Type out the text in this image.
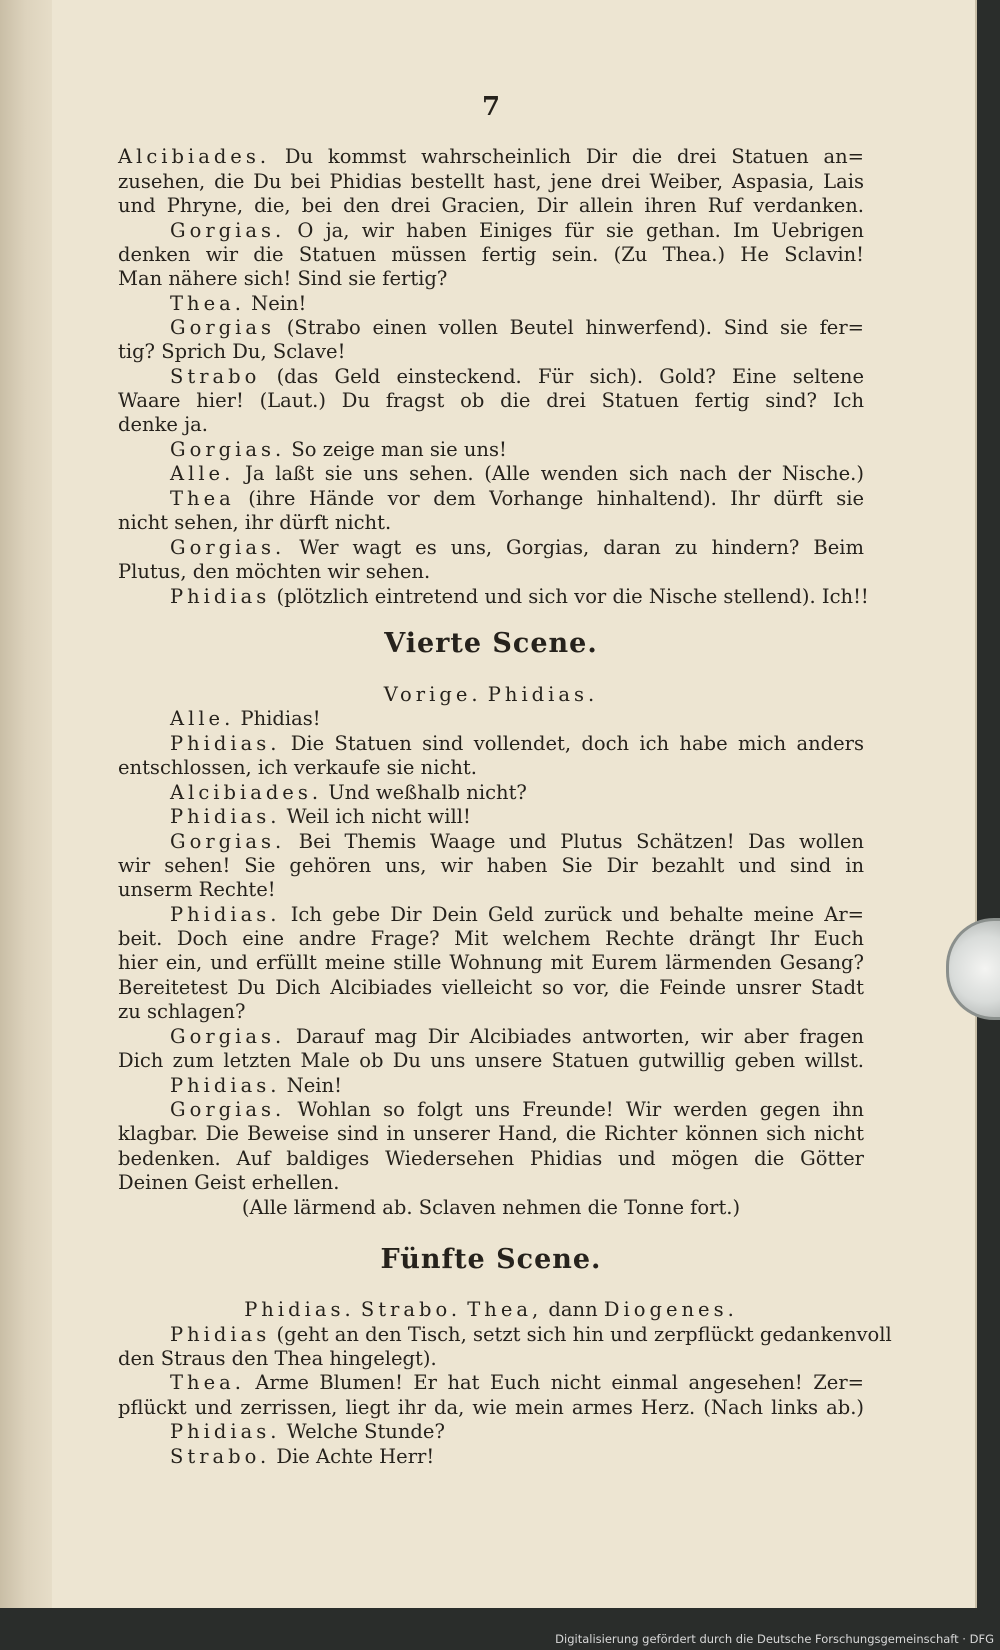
7
Alcibiades. Du kommst wahrscheinlich Dir die drei Statuen an=
zusehen, die Du bei Phidias bestellt hast, jene drei Weiber, Aspasia, Lais
und Phryne, die, bei den drei Gracien, Dir allein ihren Ruf verdanken.
Gorgias. O ja, wir haben Einiges für sie gethan. Im Uebrigen
denken wir die Statuen müssen fertig sein. (Zu Thea.) He Sclavin!
Man nähere sich! Sind sie fertig?
Thea. Nein!
Gorgias (Strabo einen vollen Beutel hinwerfend). Sind sie fer=
tig? Sprich Du, Sclave!
Strabo (das Geld einsteckend. Für sich). Gold? Eine seltene
Waare hier! (Laut.) Du fragst ob die drei Statuen fertig sind? Ich
denke ja.
Gorgias. So zeige man sie uns!
Alle. Ja laßt sie uns sehen. (Alle wenden sich nach der Nische.)
Thea (ihre Hände vor dem Vorhange hinhaltend). Ihr dürft sie
nicht sehen, ihr dürft nicht.
Gorgias. Wer wagt es uns, Gorgias, daran zu hindern? Beim
Plutus, den möchten wir sehen.
Phidias (plötzlich eintretend und sich vor die Nische stellend). Ich!!
Vierte Scene.
Vorige. Phidias.
Alle. Phidias!
Phidias. Die Statuen sind vollendet, doch ich habe mich anders
entschlossen, ich verkaufe sie nicht.
Alcibiades. Und weßhalb nicht?
Phidias. Weil ich nicht will!
Gorgias. Bei Themis Waage und Plutus Schätzen! Das wollen
wir sehen! Sie gehören uns, wir haben Sie Dir bezahlt und sind in
unserm Rechte!
Phidias. Ich gebe Dir Dein Geld zurück und behalte meine Ar=
beit. Doch eine andre Frage? Mit welchem Rechte drängt Ihr Euch
hier ein, und erfüllt meine stille Wohnung mit Eurem lärmenden Gesang?
Bereitetest Du Dich Alcibiades vielleicht so vor, die Feinde unsrer Stadt
zu schlagen?
Gorgias. Darauf mag Dir Alcibiades antworten, wir aber fragen
Dich zum letzten Male ob Du uns unsere Statuen gutwillig geben willst.
Phidias. Nein!
Gorgias. Wohlan so folgt uns Freunde! Wir werden gegen ihn
klagbar. Die Beweise sind in unserer Hand, die Richter können sich nicht
bedenken. Auf baldiges Wiedersehen Phidias und mögen die Götter
Deinen Geist erhellen.
(Alle lärmend ab. Sclaven nehmen die Tonne fort.)
Fünfte Scene.
Phidias. Strabo. Thea, dann Diogenes.
Phidias (geht an den Tisch, setzt sich hin und zerpflückt gedankenvoll
den Straus den Thea hingelegt).
Thea. Arme Blumen! Er hat Euch nicht einmal angesehen! Zer=
pflückt und zerrissen, liegt ihr da, wie mein armes Herz. (Nach links ab.)
Phidias. Welche Stunde?
Strabo. Die Achte Herr!
Digitalisierung gefördert durch die Deutsche Forschungsgemeinschaft · DFG
